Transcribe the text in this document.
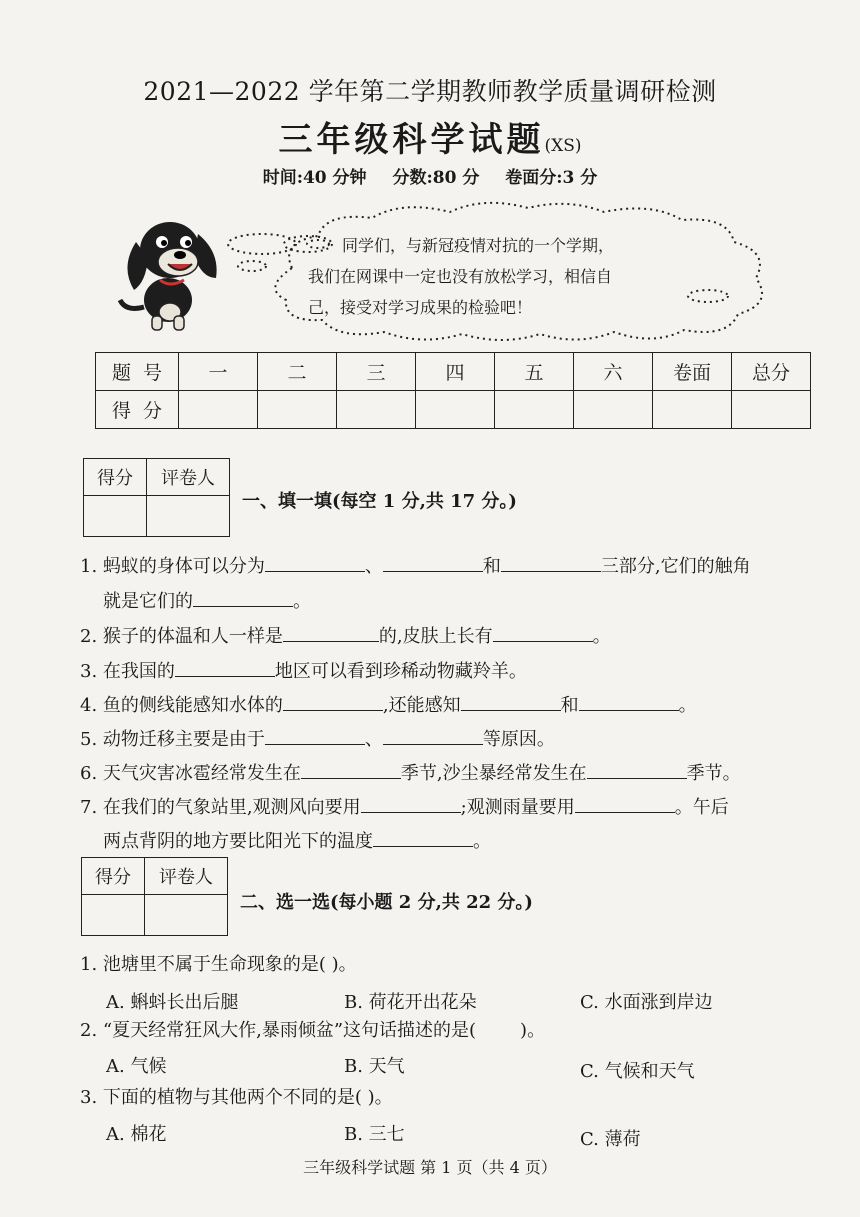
2021—2022 学年第二学期教师教学质量调研检测
三年级科学试题(XS)
时间:40 分钟 分数:80 分 卷面分:3 分
同学们，与新冠疫情对抗的一个学期，
我们在网课中一定也没有放松学习，相信自
己，接受对学习成果的检验吧！
题号	一	二	三	四	五	六	卷面	总分
得分								
得分	评卷人

一、填一填(每空 1 分,共 17 分。)
1. 蚂蚁的身体可以分为	、	和	三部分,它们的触角
就是它们的	。
2. 猴子的体温和人一样是	的,皮肤上长有	。
3. 在我国的	地区可以看到珍稀动物藏羚羊。
4. 鱼的侧线能感知水体的	,还能感知	和	。
5. 动物迁移主要是由于	、	等原因。
6. 天气灾害冰雹经常发生在	季节,沙尘暴经常发生在	季节。
7. 在我们的气象站里,观测风向要用	;观测雨量要用	。午后
两点背阴的地方要比阳光下的温度	。
得分	评卷人

二、选一选(每小题 2 分,共 22 分。)
1. 池塘里不属于生命现象的是( )。
A. 蝌蚪长出后腿	B. 荷花开出花朵	C. 水面涨到岸边
2. “夏天经常狂风大作,暴雨倾盆”这句话描述的是( )。
A. 气候	B. 天气	C. 气候和天气
3. 下面的植物与其他两个不同的是( )。
A. 棉花	B. 三七	C. 薄荷
三年级科学试题 第 1 页（共 4 页）
